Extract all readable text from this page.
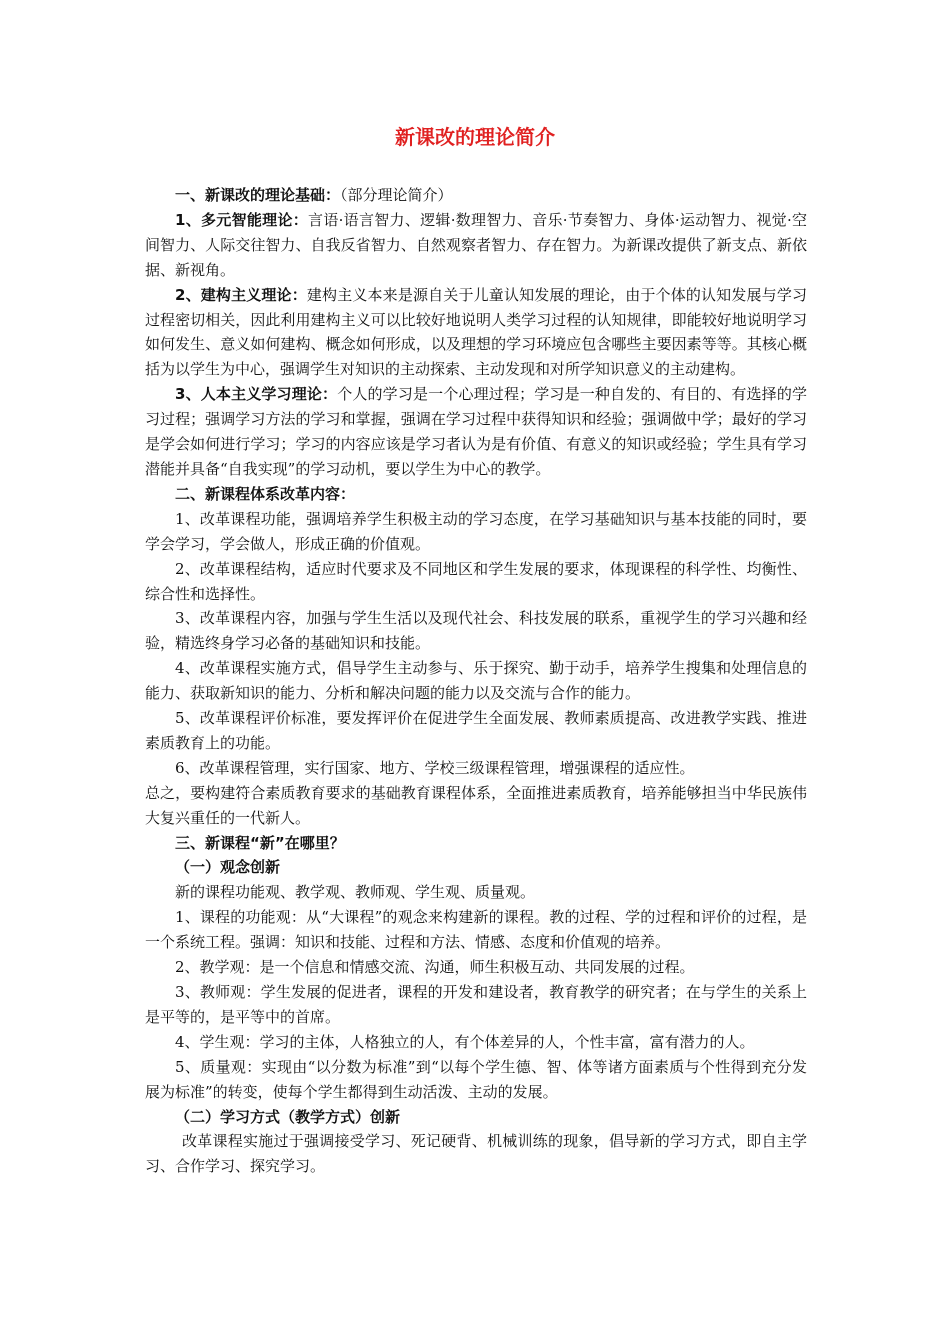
新课改的理论简介

一、新课改的理论基础：（部分理论简介）

1、多元智能理论：言语·语言智力、逻辑·数理智力、音乐·节奏智力、身体·运动智力、视觉·空间智力、人际交往智力、自我反省智力、自然观察者智力、存在智力。为新课改提供了新支点、新依据、新视角。

2、建构主义理论：建构主义本来是源自关于儿童认知发展的理论，由于个体的认知发展与学习过程密切相关，因此利用建构主义可以比较好地说明人类学习过程的认知规律，即能较好地说明学习如何发生、意义如何建构、概念如何形成，以及理想的学习环境应包含哪些主要因素等等。其核心概括为以学生为中心，强调学生对知识的主动探索、主动发现和对所学知识意义的主动建构。

3、人本主义学习理论：个人的学习是一个心理过程；学习是一种自发的、有目的、有选择的学习过程；强调学习方法的学习和掌握，强调在学习过程中获得知识和经验；强调做中学；最好的学习是学会如何进行学习；学习的内容应该是学习者认为是有价值、有意义的知识或经验；学生具有学习潜能并具备“自我实现”的学习动机，要以学生为中心的教学。

二、新课程体系改革内容：

1、改革课程功能，强调培养学生积极主动的学习态度，在学习基础知识与基本技能的同时，要学会学习，学会做人，形成正确的价值观。

2、改革课程结构，适应时代要求及不同地区和学生发展的要求，体现课程的科学性、均衡性、综合性和选择性。

3、改革课程内容，加强与学生生活以及现代社会、科技发展的联系，重视学生的学习兴趣和经验，精选终身学习必备的基础知识和技能。

4、改革课程实施方式，倡导学生主动参与、乐于探究、勤于动手，培养学生搜集和处理信息的能力、获取新知识的能力、分析和解决问题的能力以及交流与合作的能力。

5、改革课程评价标准，要发挥评价在促进学生全面发展、教师素质提高、改进教学实践、推进素质教育上的功能。

6、改革课程管理，实行国家、地方、学校三级课程管理，增强课程的适应性。

总之，要构建符合素质教育要求的基础教育课程体系，全面推进素质教育，培养能够担当中华民族伟大复兴重任的一代新人。

三、新课程“新”在哪里？

（一）观念创新

新的课程功能观、教学观、教师观、学生观、质量观。

1、课程的功能观：从“大课程”的观念来构建新的课程。教的过程、学的过程和评价的过程，是一个系统工程。强调：知识和技能、过程和方法、情感、态度和价值观的培养。

2、教学观：是一个信息和情感交流、沟通，师生积极互动、共同发展的过程。

3、教师观：学生发展的促进者，课程的开发和建设者，教育教学的研究者；在与学生的关系上是平等的，是平等中的首席。

4、学生观：学习的主体，人格独立的人，有个体差异的人，个性丰富，富有潜力的人。

5、质量观：实现由“以分数为标准”到“以每个学生德、智、体等诸方面素质与个性得到充分发展为标准”的转变，使每个学生都得到生动活泼、主动的发展。

（二）学习方式（教学方式）创新

改革课程实施过于强调接受学习、死记硬背、机械训练的现象，倡导新的学习方式，即自主学习、合作学习、探究学习。
